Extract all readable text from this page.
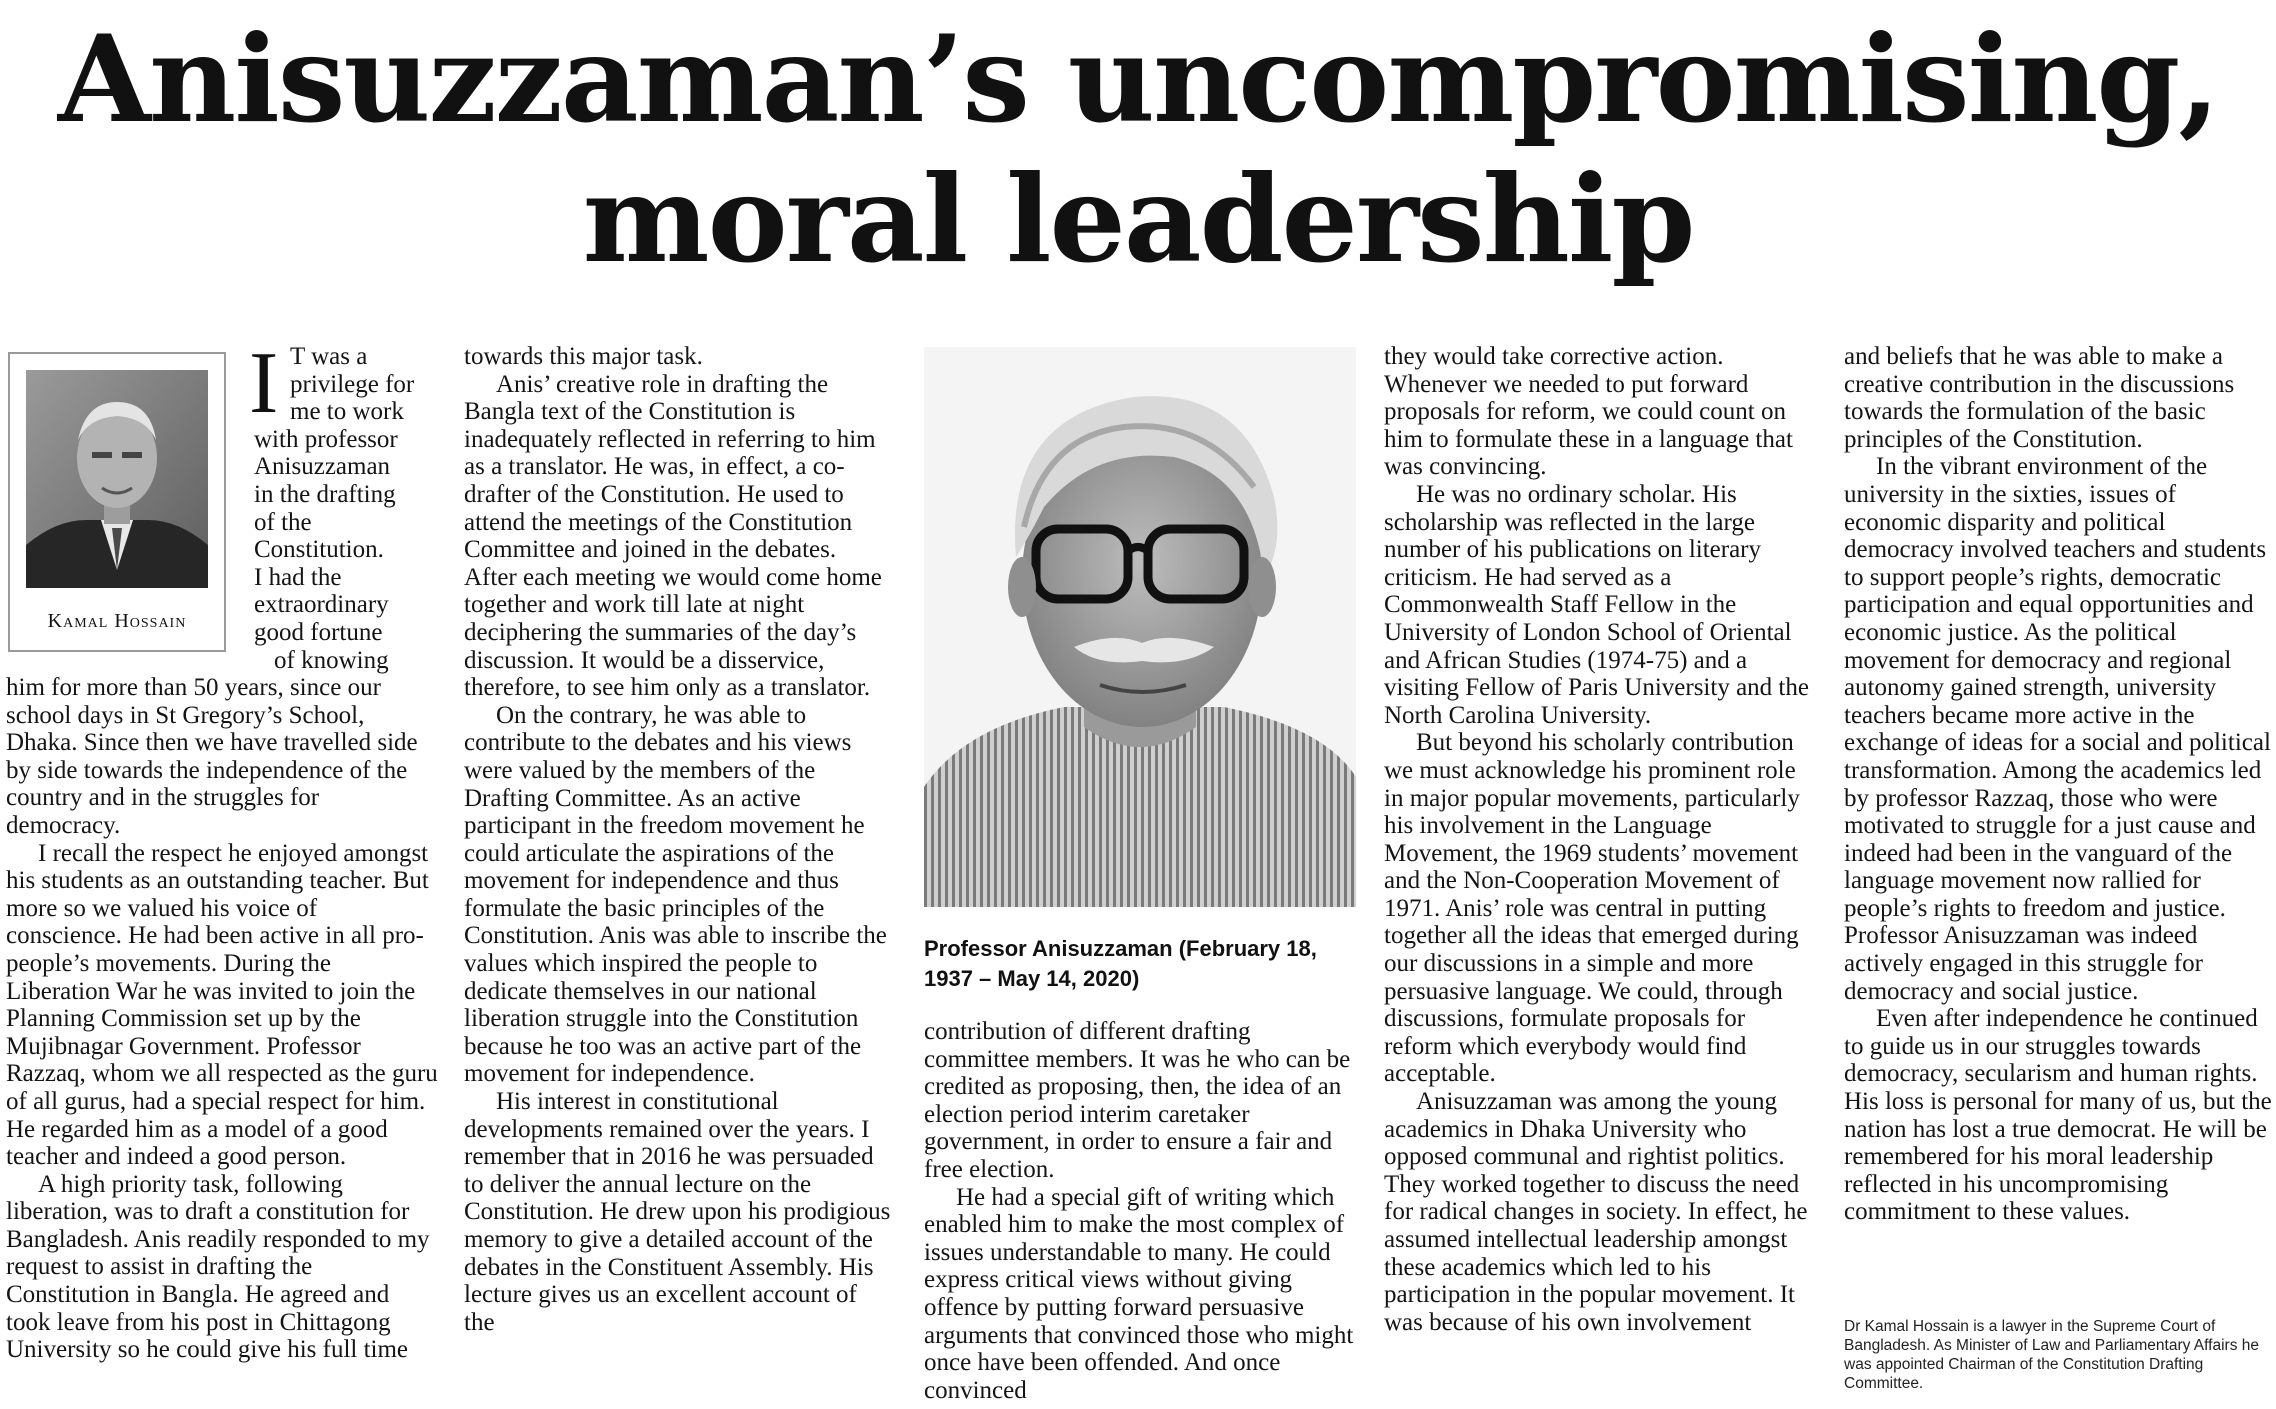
Anisuzzaman’s uncompromising,
moral leadership
Kamal Hossain
I T was a
privilege for
me to work
with professor
Anisuzzaman
in the drafting
of the
Constitution.
I had the
extraordinary
good fortune
of knowing

him for more than 50 years, since our school days in St Gregory’s School, Dhaka. Since then we have travelled side by side towards the independence of the country and in the struggles for democracy.

I recall the respect he enjoyed amongst his students as an outstanding teacher. But more so we valued his voice of conscience. He had been active in all pro-people’s movements. During the Liberation War he was invited to join the Planning Commission set up by the Mujibnagar Government. Professor Razzaq, whom we all respected as the guru of all gurus, had a special respect for him. He regarded him as a model of a good teacher and indeed a good person.

A high priority task, following liberation, was to draft a constitution for Bangladesh. Anis readily responded to my request to assist in drafting the Constitution in Bangla. He agreed and took leave from his post in Chittagong University so he could give his full time

towards this major task.

Anis’ creative role in drafting the Bangla text of the Constitution is inadequately reflected in referring to him as a translator. He was, in effect, a co-drafter of the Constitution. He used to attend the meetings of the Constitution Committee and joined in the debates. After each meeting we would come home together and work till late at night deciphering the summaries of the day’s discussion. It would be a disservice, therefore, to see him only as a translator.

On the contrary, he was able to contribute to the debates and his views were valued by the members of the Drafting Committee. As an active participant in the freedom movement he could articulate the aspirations of the movement for independence and thus formulate the basic principles of the Constitution. Anis was able to inscribe the values which inspired the people to dedicate themselves in our national liberation struggle into the Constitution because he too was an active part of the movement for independence.

His interest in constitutional developments remained over the years. I remember that in 2016 he was persuaded to deliver the annual lecture on the Constitution. He drew upon his prodigious memory to give a detailed account of the debates in the Constituent Assembly. His lecture gives us an excellent account of the

Professor Anisuzzaman (February 18, 1937 – May 14, 2020)

contribution of different drafting committee members. It was he who can be credited as proposing, then, the idea of an election period interim caretaker government, in order to ensure a fair and free election.

He had a special gift of writing which enabled him to make the most complex of issues understandable to many. He could express critical views without giving offence by putting forward persuasive arguments that convinced those who might once have been offended. And once convinced

they would take corrective action. Whenever we needed to put forward proposals for reform, we could count on him to formulate these in a language that was convincing.

He was no ordinary scholar. His scholarship was reflected in the large number of his publications on literary criticism. He had served as a Commonwealth Staff Fellow in the University of London School of Oriental and African Studies (1974-75) and a visiting Fellow of Paris University and the North Carolina University.

But beyond his scholarly contribution we must acknowledge his prominent role in major popular movements, particularly his involvement in the Language Movement, the 1969 students’ movement and the Non-Cooperation Movement of 1971. Anis’ role was central in putting together all the ideas that emerged during our discussions in a simple and more persuasive language. We could, through discussions, formulate proposals for reform which everybody would find acceptable.

Anisuzzaman was among the young academics in Dhaka University who opposed communal and rightist politics. They worked together to discuss the need for radical changes in society. In effect, he assumed intellectual leadership amongst these academics which led to his participation in the popular movement. It was because of his own involvement

and beliefs that he was able to make a creative contribution in the discussions towards the formulation of the basic principles of the Constitution.

In the vibrant environment of the university in the sixties, issues of economic disparity and political democracy involved teachers and students to support people’s rights, democratic participation and equal opportunities and economic justice. As the political movement for democracy and regional autonomy gained strength, university teachers became more active in the exchange of ideas for a social and political transformation. Among the academics led by professor Razzaq, those who were motivated to struggle for a just cause and indeed had been in the vanguard of the language movement now rallied for people’s rights to freedom and justice. Professor Anisuzzaman was indeed actively engaged in this struggle for democracy and social justice.

Even after independence he continued to guide us in our struggles towards democracy, secularism and human rights. His loss is personal for many of us, but the nation has lost a true democrat. He will be remembered for his moral leadership reflected in his uncompromising commitment to these values.

Dr Kamal Hossain is a lawyer in the Supreme Court of Bangladesh. As Minister of Law and Parliamentary Affairs he was appointed Chairman of the Constitution Drafting Committee.
